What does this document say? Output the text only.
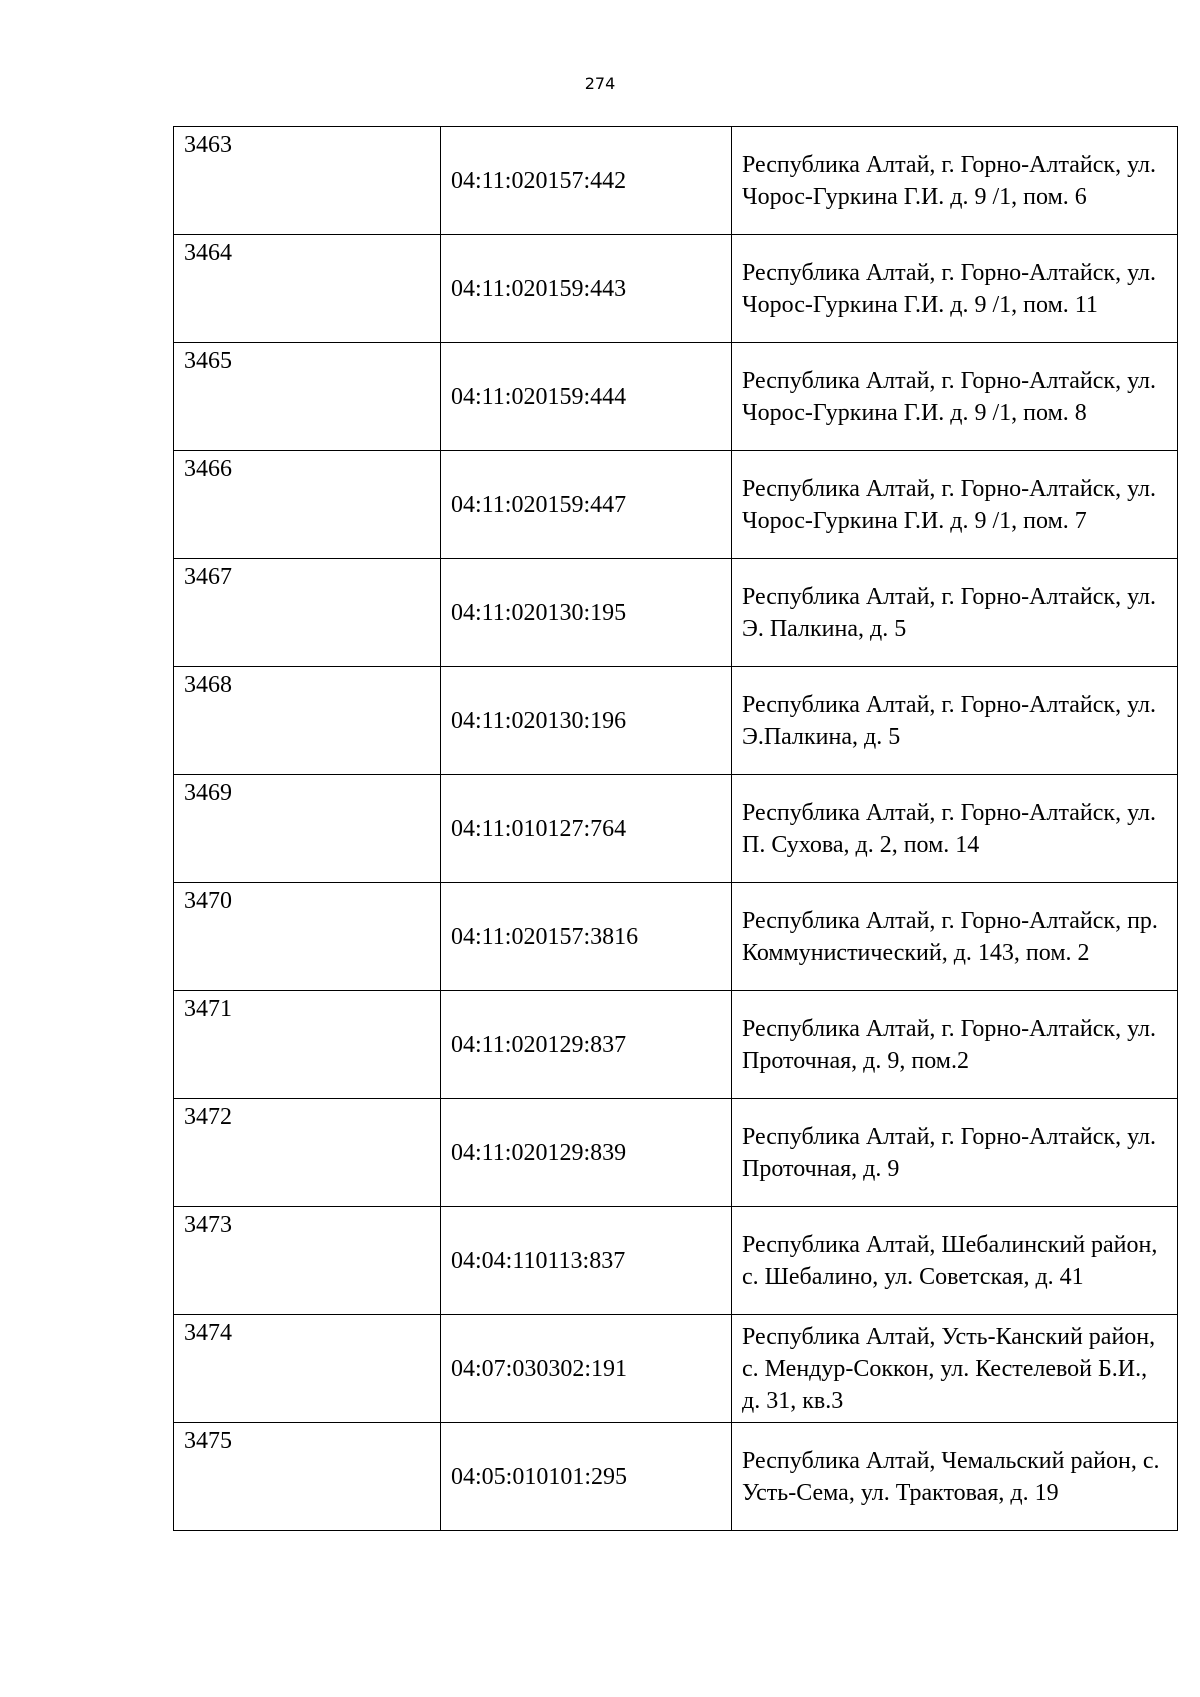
274
3463	04:11:020157:442	Республика Алтай, г. Горно-Алтайск, ул. Чорос-Гуркина Г.И. д. 9 /1, пом. 6
3464	04:11:020159:443	Республика Алтай, г. Горно-Алтайск, ул. Чорос-Гуркина Г.И. д. 9 /1, пом. 11
3465	04:11:020159:444	Республика Алтай, г. Горно-Алтайск, ул. Чорос-Гуркина Г.И. д. 9 /1, пом. 8
3466	04:11:020159:447	Республика Алтай, г. Горно-Алтайск, ул. Чорос-Гуркина Г.И. д. 9 /1, пом. 7
3467	04:11:020130:195	Республика Алтай, г. Горно-Алтайск, ул. Э. Палкина, д. 5
3468	04:11:020130:196	Республика Алтай, г. Горно-Алтайск, ул.   Э.Палкина, д. 5
3469	04:11:010127:764	Республика Алтай, г. Горно-Алтайск, ул. П. Сухова, д. 2, пом. 14
3470	04:11:020157:3816	Республика Алтай, г. Горно-Алтайск, пр. Коммунистический, д. 143, пом. 2
3471	04:11:020129:837	Республика Алтай, г. Горно-Алтайск, ул. Проточная, д. 9, пом.2
3472	04:11:020129:839	Республика Алтай, г. Горно-Алтайск, ул. Проточная, д. 9
3473	04:04:110113:837	Республика Алтай, Шебалинский район, с. Шебалино, ул. Советская, д. 41
3474	04:07:030302:191	Республика Алтай, Усть-Канский район, с. Мендур-Соккон, ул. Кестелевой Б.И., д. 31, кв.3
3475	04:05:010101:295	Республика Алтай, Чемальский район, с. Усть-Сема, ул. Трактовая, д. 19
